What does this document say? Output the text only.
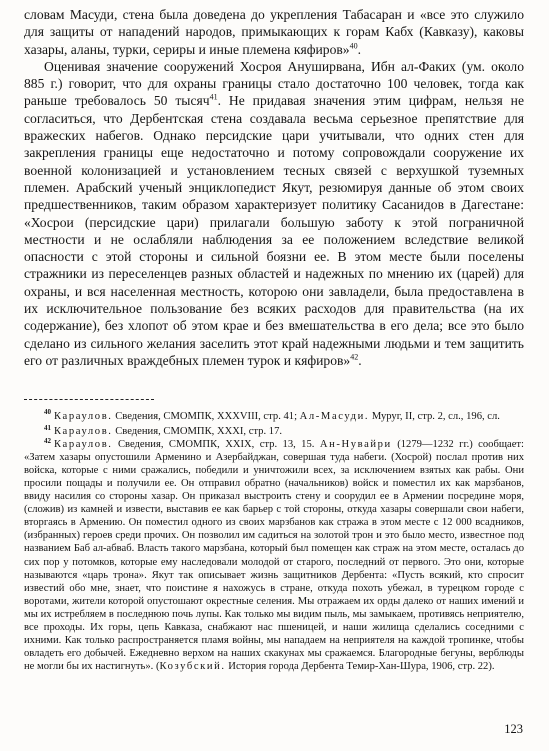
словам Масуди, стена была доведена до укрепления Табасаран и «все это служило для защиты от нападений народов, примыкающих к горам Кабх (Кавказу), каковы хазары, аланы, турки, сериры и иные племена кяфиров»$^{40}$.

Оценивая значение сооружений Хосроя Ануширвана, Ибн ал-Факих (ум. около 885 г.) говорит, что для охраны границы стало достаточно 100 человек, тогда как раньше требовалось 50 тысяч$^{41}$. Не придавая значения этим цифрам, нельзя не согласиться, что Дербентская стена создавала весьма серьезное препятствие для вражеских набегов. Однако персидские цари учитывали, что одних стен для закрепления границы еще недостаточно и потому сопровождали сооружение их военной колонизацией и установлением тесных связей с верхушкой туземных племен. Арабский ученый энциклопедист Якут, резюмируя данные об этом своих предшественников, таким образом характеризует политику Сасанидов в Дагестане: «Хосрои (персидские цари) прилагали большую заботу к этой пограничной местности и не ослабляли наблюдения за ее положением вследствие великой опасности с этой стороны и сильной боязни ее. В этом месте были поселены стражники из переселенцев разных областей и надежных по мнению их (царей) для охраны, и вся населенная местность, которою они завладели, была предоставлена в их исключительное пользование без всяких расходов для правительства (на их содержание), без хлопот об этом крае и без вмешательства в его дела; все это было сделано из сильного желания заселить этот край надежными людьми и тем защитить его от различных враждебных племен турок и кяфиров»$^{42}$.

$^{40}$ Караулов. Сведения, СМОМПК, XXXVIII, стр. 41; Ал-Масуди. Муруг, II, стр. 2, сл., 196, сл.

$^{41}$ Караулов. Сведения, СМОМПК, XXXI, стр. 17.

$^{42}$ Караулов. Сведения, СМОМПК, XXIX, стр. 13, 15. Ан-Нувайри (1279—1232 гг.) сообщает: «Затем хазары опустошили Арменино и Азербайджан, совершая туда набеги. (Хосрой) послал против них войска, которые с ними сражались, победили и уничтожили всех, за исключением взятых как рабы. Они просили пощады и получили ее. Он отправил обратно (начальников) войск и поместил их как марзбанов, ввиду насилия со стороны хазар. Он приказал выстроить стену и соорудил ее в Армении посредине моря, (сложив) из камней и извести, выставив ее как барьер с той стороны, откуда хазары совершали свои набеги, вторгаясь в Армению. Он поместил одного из своих марзбанов как стража в этом месте с 12 000 всадников, (избранных) героев среди прочих. Он позволил им садиться на золотой трон и это было место, известное под названием Баб ал-абваб. Власть такого марзбана, который был помещен как страж на этом месте, осталась до сих пор у потомков, которые ему наследовали молодой от старого, последний от первого. Это они, которые называются «царь трона». Якут так описывает жизнь защитников Дербента: «Пусть всякий, кто спросит известий обо мне, знает, что поистине я нахожусь в стране, откуда похоть убежал, в турецком городе с воротами, жители которой опустошают окрестные селения. Мы отражаем их орды далеко от наших имений и мы их истребляем в последнюю почь лупы. Как только мы видим пыль, мы замыкаем, противясь неприятелю, все проходы. Их горы, цепь Кавказа, снабжают нас пшеницей, и наши жилища сделались соседними с ихними. Как только распространяется пламя войны, мы нападаем на неприятеля на каждой тропинке, чтобы овладеть его добычей. Ежедневно верхом на наших скакунах мы сражаемся. Благородные бегуны, верблюды не могли бы их настигнуть». (Козубский. История города Дербента Темир-Хан-Шура, 1906, стр. 22).

123
